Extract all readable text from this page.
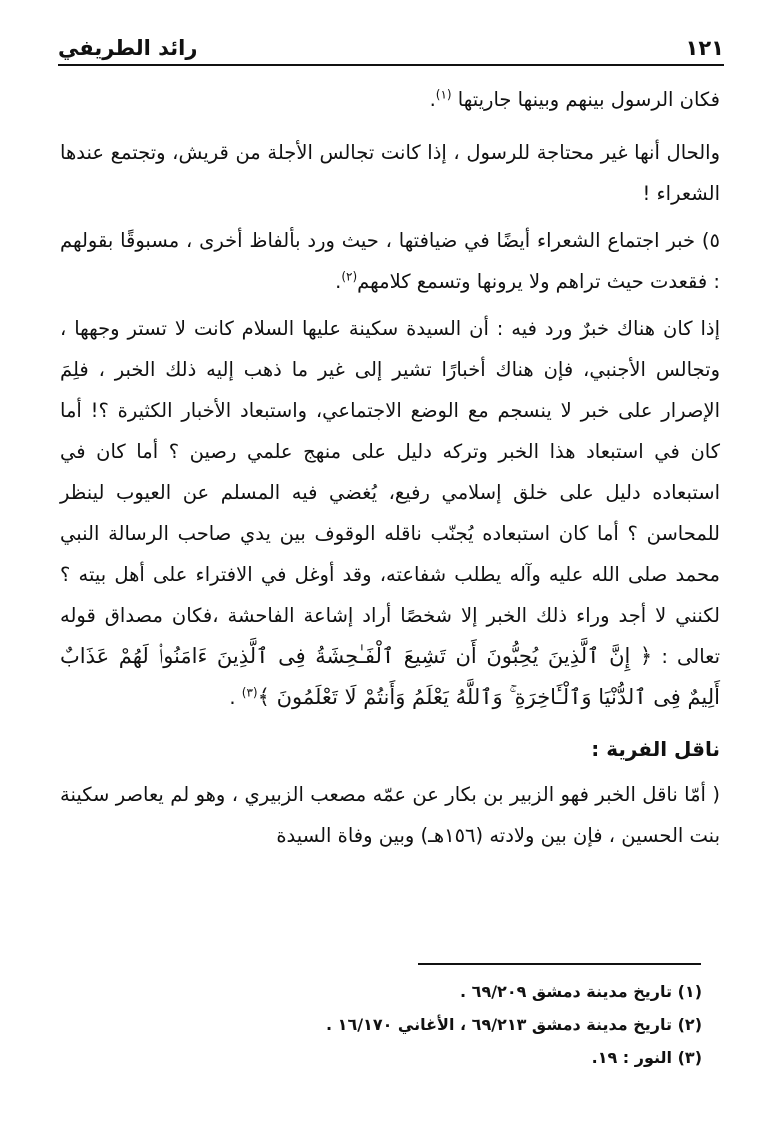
رائد الطريفي	١٢١

فكان الرسول بينهم وبينها جاريتها $^{(١)}$.

والحال أنها غير محتاجة للرسول ، إذا كانت تجالس الأجلة من قريش، وتجتمع عندها الشعراء !

٥) خبر اجتماع الشعراء أيضًا في ضيافتها ، حيث ورد بألفاظ أخرى ، مسبوقًا بقولهم : فقعدت حيث تراهم ولا يرونها وتسمع كلامهم$^{(٢)}$.

إذا كان هناك خبرٌ ورد فيه : أن السيدة سكينة عليها السلام كانت لا تستر وجهها ، وتجالس الأجنبي، فإن هناك أخبارًا تشير إلى غير ما ذهب إليه ذلك الخبر ، فلِمَ الإصرار على خبر لا ينسجم مع الوضع الاجتماعي، واستبعاد الأخبار الكثيرة ؟! أما كان في استبعاد هذا الخبر وتركه دليل على منهج علمي رصين ؟ أما كان في استبعاده دليل على خلق إسلامي رفيع، يُغضي فيه المسلم عن العيوب لينظر للمحاسن ؟ أما كان استبعاده يُجنّب ناقله الوقوف بين يدي صاحب الرسالة النبي محمد صلى الله عليه وآله يطلب شفاعته، وقد أوغل في الافتراء على أهل بيته ؟ لكنني لا أجد وراء ذلك الخبر إلا شخصًا أراد إشاعة الفاحشة ،فكان مصداق قوله تعالى : ﴿ إِنَّ ٱلَّذِينَ يُحِبُّونَ أَن تَشِيعَ ٱلْفَـٰحِشَةُ فِى ٱلَّذِينَ ءَامَنُوا۟ لَهُمْ عَذَابٌ أَلِيمٌ فِى ٱلدُّنْيَا وَٱلْـَٔاخِرَةِ ۚ وَٱللَّهُ يَعْلَمُ وَأَنتُمْ لَا تَعْلَمُونَ ﴾$^{(٣)}$ .

ناقل الفرية :

( أمّا ناقل الخبر فهو الزبير بن بكار عن عمّه مصعب الزبيري ، وهو لم يعاصر سكينة بنت الحسين ، فإن بين ولادته (١٥٦هـ) وبين وفاة السيدة

(١) تاريخ مدينة دمشق ٦٩/٢٠٩ .

(٢) تاريخ مدينة دمشق ٦٩/٢١٣ ، الأغاني ١٦/١٧٠ .

(٣) النور : ١٩.
